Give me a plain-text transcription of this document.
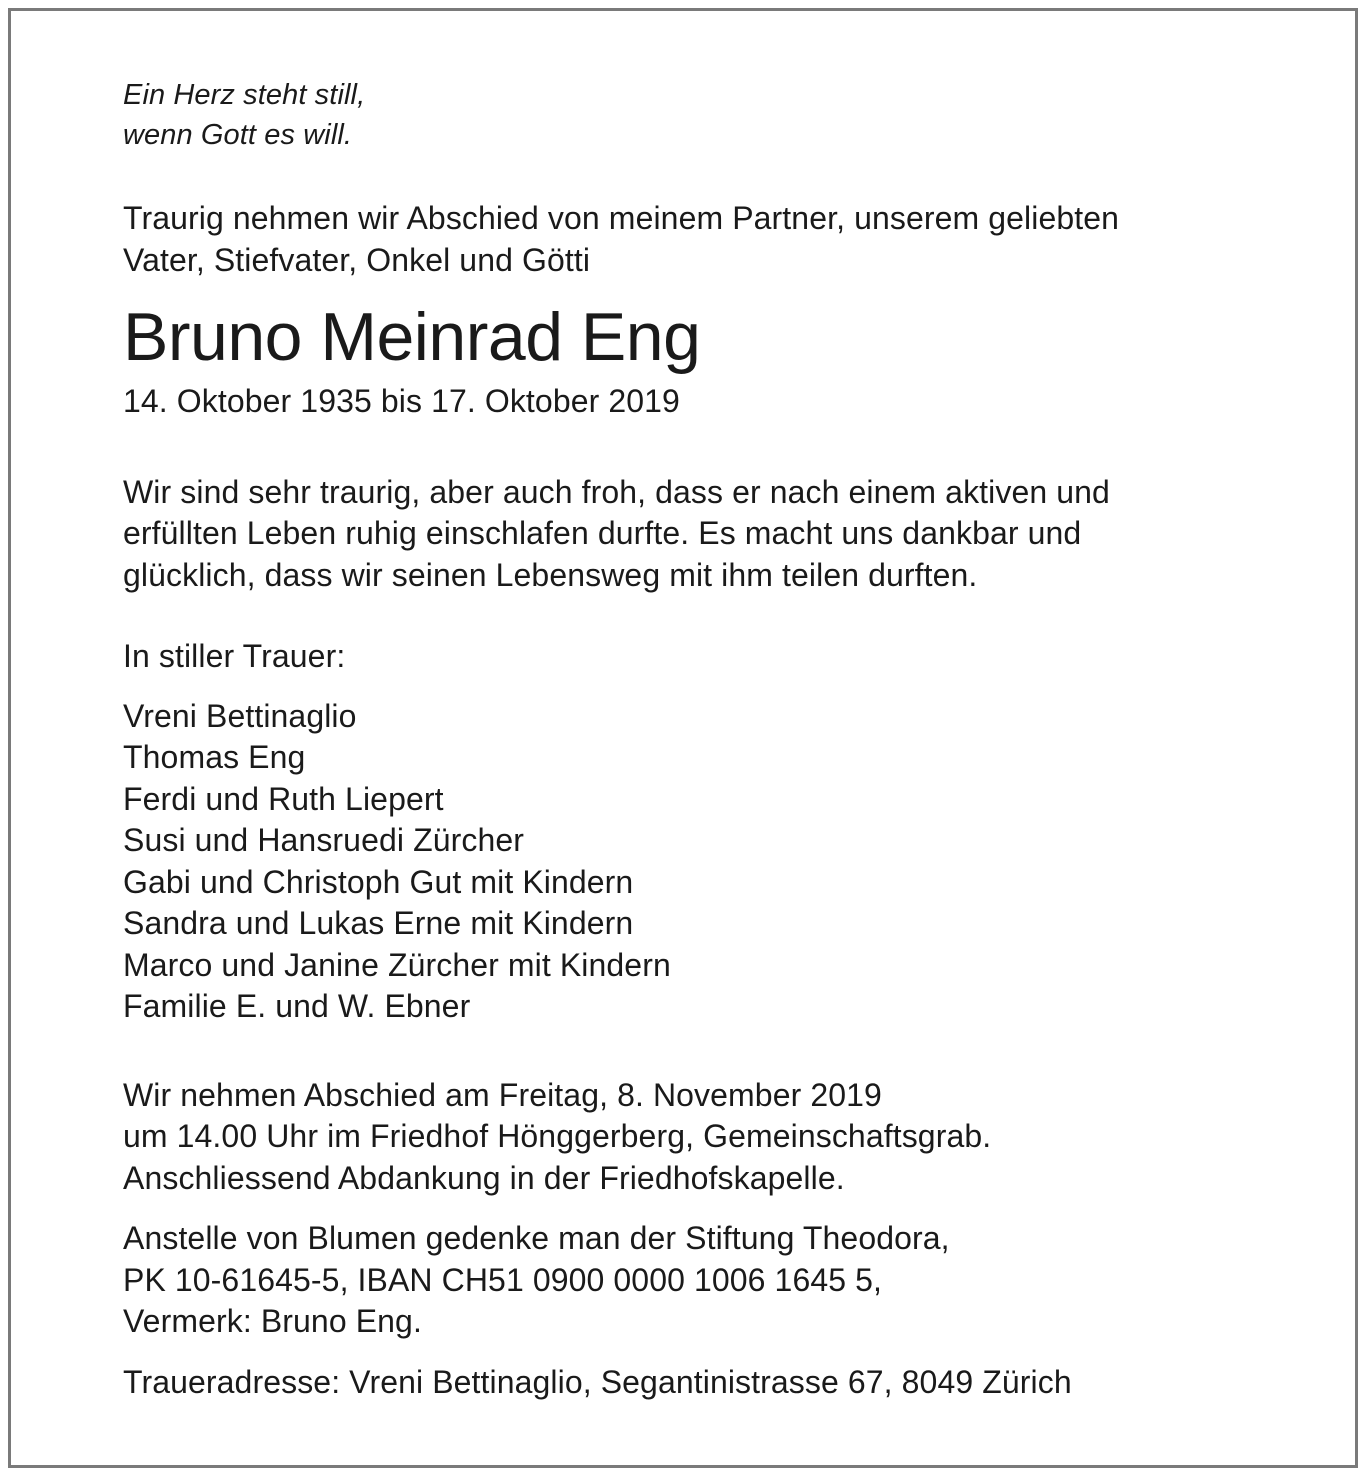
Ein Herz steht still,
wenn Gott es will.
Traurig nehmen wir Abschied von meinem Partner, unserem geliebten
Vater, Stiefvater, Onkel und Götti
Bruno Meinrad Eng
14. Oktober 1935 bis 17. Oktober 2019
Wir sind sehr traurig, aber auch froh, dass er nach einem aktiven und
erfüllten Leben ruhig einschlafen durfte. Es macht uns dankbar und
glücklich, dass wir seinen Lebensweg mit ihm teilen durften.
In stiller Trauer:
Vreni Bettinaglio
Thomas Eng
Ferdi und Ruth Liepert
Susi und Hansruedi Zürcher
Gabi und Christoph Gut mit Kindern
Sandra und Lukas Erne mit Kindern
Marco und Janine Zürcher mit Kindern
Familie E. und W. Ebner
Wir nehmen Abschied am Freitag, 8. November 2019
um 14.00 Uhr im Friedhof Hönggerberg, Gemeinschaftsgrab.
Anschliessend Abdankung in der Friedhofskapelle.
Anstelle von Blumen gedenke man der Stiftung Theodora,
PK 10-61645-5, IBAN CH51 0900 0000 1006 1645 5,
Vermerk: Bruno Eng.
Traueradresse: Vreni Bettinaglio, Segantinistrasse 67, 8049 Zürich
